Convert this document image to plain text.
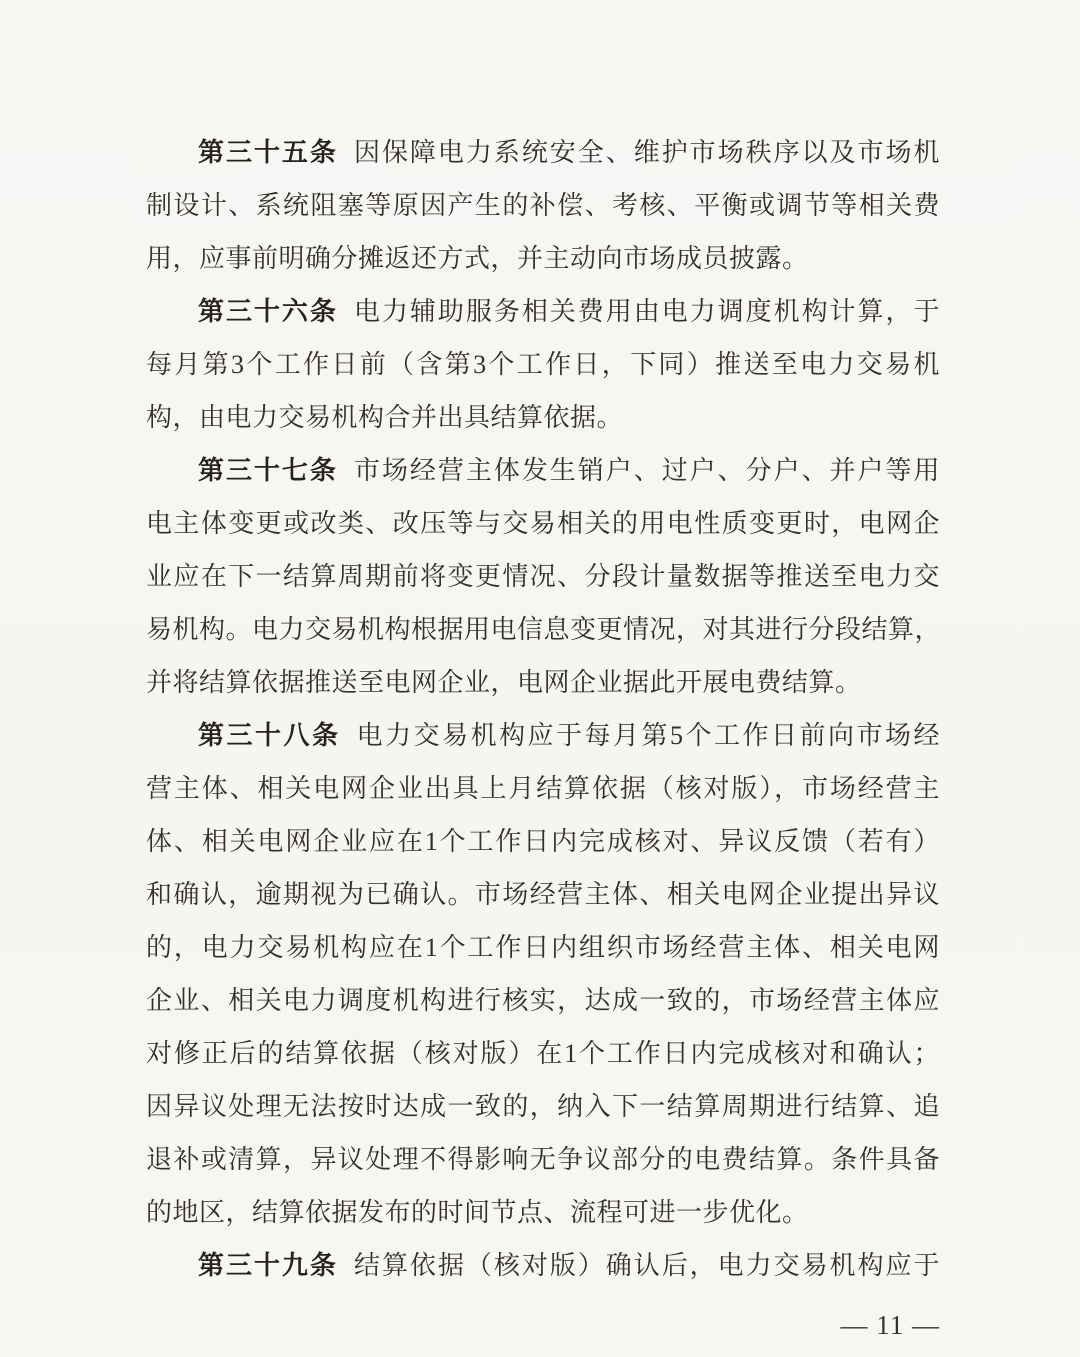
第三十五条 因保障电力系统安全、维护市场秩序以及市场机
制设计、系统阻塞等原因产生的补偿、考核、平衡或调节等相关费
用，应事前明确分摊返还方式，并主动向市场成员披露。
第三十六条 电力辅助服务相关费用由电力调度机构计算，于
每月第3个工作日前（含第3个工作日，下同）推送至电力交易机
构，由电力交易机构合并出具结算依据。
第三十七条 市场经营主体发生销户、过户、分户、并户等用
电主体变更或改类、改压等与交易相关的用电性质变更时，电网企
业应在下一结算周期前将变更情况、分段计量数据等推送至电力交
易机构。电力交易机构根据用电信息变更情况，对其进行分段结算，
并将结算依据推送至电网企业，电网企业据此开展电费结算。
第三十八条 电力交易机构应于每月第5个工作日前向市场经
营主体、相关电网企业出具上月结算依据（核对版），市场经营主
体、相关电网企业应在1个工作日内完成核对、异议反馈（若有）
和确认，逾期视为已确认。市场经营主体、相关电网企业提出异议
的，电力交易机构应在1个工作日内组织市场经营主体、相关电网
企业、相关电力调度机构进行核实，达成一致的，市场经营主体应
对修正后的结算依据（核对版）在1个工作日内完成核对和确认；
因异议处理无法按时达成一致的，纳入下一结算周期进行结算、追
退补或清算，异议处理不得影响无争议部分的电费结算。条件具备
的地区，结算依据发布的时间节点、流程可进一步优化。
第三十九条 结算依据（核对版）确认后，电力交易机构应于
— 11 —
